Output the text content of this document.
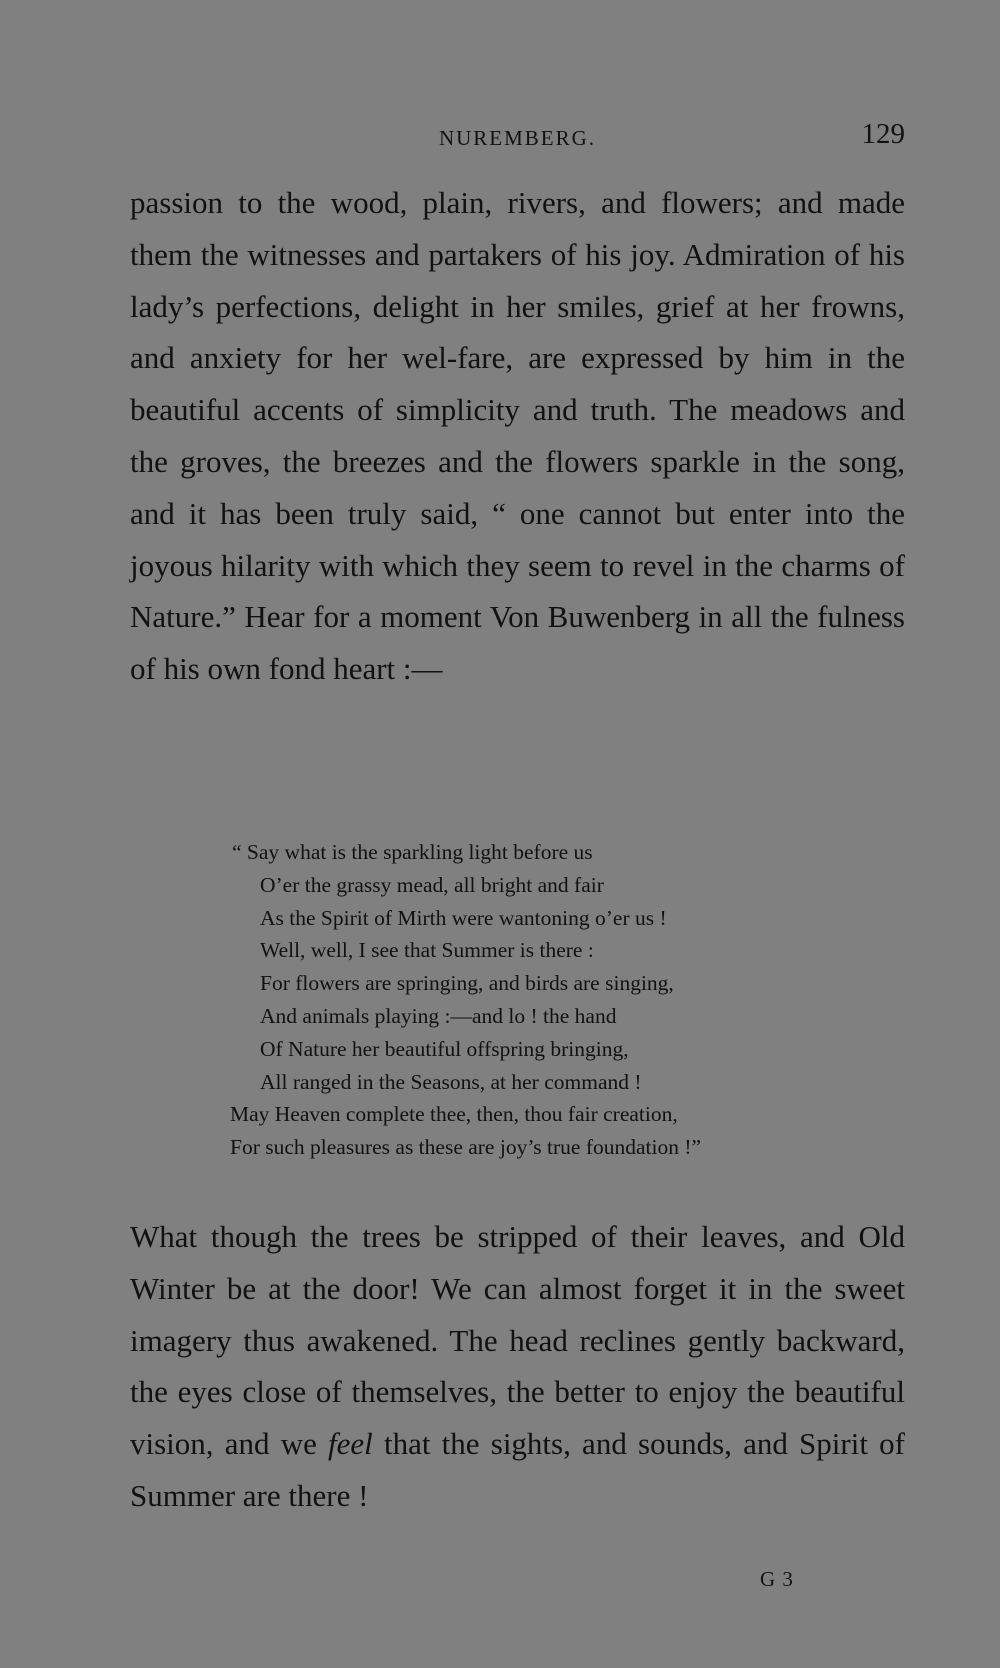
NUREMBERG.	129

passion to the wood, plain, rivers, and flowers; and made them the witnesses and partakers of his joy. Admiration of his lady’s perfections, delight in her smiles, grief at her frowns, and anxiety for her wel-fare, are expressed by him in the beautiful accents of simplicity and truth. The meadows and the groves, the breezes and the flowers sparkle in the song, and it has been truly said, “ one cannot but enter into the joyous hilarity with which they seem to revel in the charms of Nature.” Hear for a moment Von Buwenberg in all the fulness of his own fond heart :—

“ Say what is the sparkling light before us
O’er the grassy mead, all bright and fair
As the Spirit of Mirth were wantoning o’er us !
Well, well, I see that Summer is there :
For flowers are springing, and birds are singing,
And animals playing :—and lo ! the hand
Of Nature her beautiful offspring bringing,
All ranged in the Seasons, at her command !
May Heaven complete thee, then, thou fair creation,
For such pleasures as these are joy’s true foundation !”

What though the trees be stripped of their leaves, and Old Winter be at the door! We can almost forget it in the sweet imagery thus awakened. The head reclines gently backward, the eyes close of themselves, the better to enjoy the beautiful vision, and we feel that the sights, and sounds, and Spirit of Summer are there !

G 3
